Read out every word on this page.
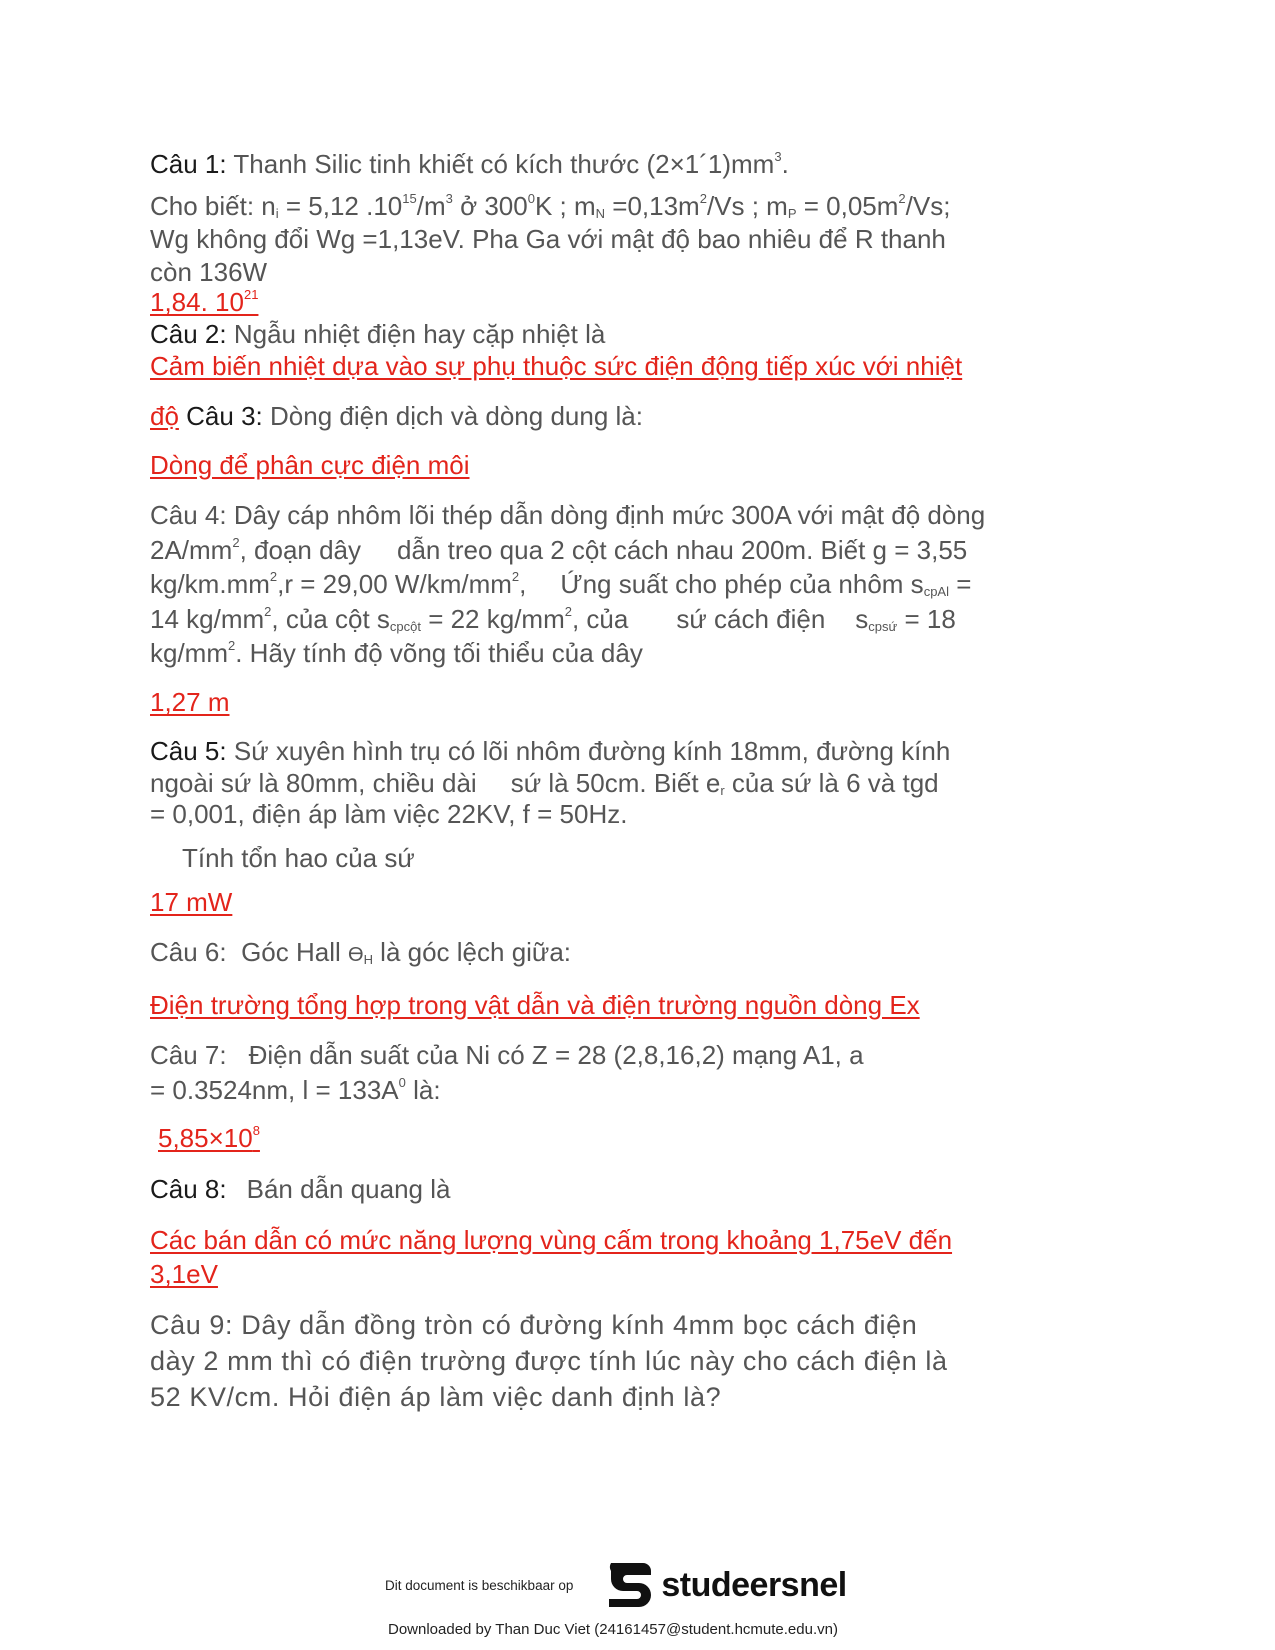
Câu 1: Thanh Silic tinh khiết có kích thước $(2\times 1´1)mm^3$.
Cho biết: $n_i = 5,12$ $.10^{15}/m^3$ ở $300^0K$ ; $m_N =0,13m^2/Vs$ ; $m_P = 0,05m^2/Vs$;
Wg không đổi Wg =1,13eV. Pha Ga với mật độ bao nhiêu để R thanh
còn 136W
1,84. $10^{21}$
Câu 2: Ngẫu nhiệt điện hay cặp nhiệt là
Cảm biến nhiệt dựa vào sự phụ thuộc sức điện động tiếp xúc với nhiệt
độ Câu 3: Dòng điện dịch và dòng dung là:
Dòng để phân cực điện môi
Câu 4: Dây cáp nhôm lõi thép dẫn dòng định mức 300A với mật độ dòng
$2A/mm^2$, đoạn dây dẫn treo qua 2 cột cách nhau 200m. Biết g = 3,55
$kg/km.mm^2,r = 29,00$ $W/km/mm^2$, Ứng suất cho phép của nhôm $s_{cpAl}$ =
14 $kg/mm^2$, của cột $s_{cpcột} = 22$ $kg/mm^2$, của sứ cách điện $s_{cpsứ} = 18$
$kg/mm^2$. Hãy tính độ võng tối thiểu của dây
1,27 m
Câu 5: Sứ xuyên hình trụ có lõi nhôm đường kính 18mm, đường kính
ngoài sứ là 80mm, chiều dài sứ là 50cm. Biết $e_r$ của sứ là 6 và tgd
= 0,001, điện áp làm việc 22KV, f = 50Hz.
Tính tổn hao của sứ
17 mW
Câu 6: Góc Hall $ϴ_H$ là góc lệch giữa:
Điện trường tổng hợp trong vật dẫn và điện trường nguồn dòng Ex
Câu 7: Điện dẫn suất của Ni có Z = 28 (2,8,16,2) mạng A1, a
= 0.3524nm, $l = 133A^0$ là:
$5,85\times 10^8$
Câu 8: Bán dẫn quang là
Các bán dẫn có mức năng lượng vùng cấm trong khoảng 1,75eV đến
3,1eV
Câu 9: Dây dẫn đồng tròn có đường kính 4mm bọc cách điện
dày 2 mm thì có điện trường được tính lúc này cho cách điện là
52 KV/cm. Hỏi điện áp làm việc danh định là?
Dit document is beschikbaar op	studeersnel
Downloaded by Than Duc Viet (24161457@student.hcmute.edu.vn)
